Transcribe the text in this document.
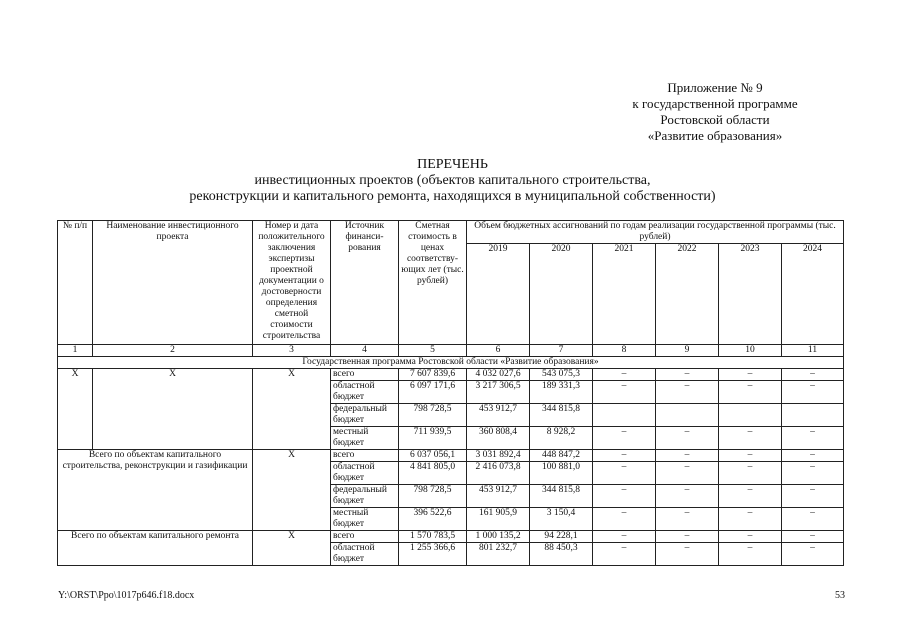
Приложение № 9
к государственной программе
Ростовской области
«Развитие образования»
ПЕРЕЧЕНЬ
инвестиционных проектов (объектов капитального строительства,
реконструкции и капитального ремонта, находящихся в муниципальной собственности)
№ п/п	Наименование инвестиционного проекта	Номер и дата положительного заключения экспертизы проектной документации о достоверности определения сметной стоимости строительства	Источник финанси-рования	Сметная стоимость в ценах соответству-ющих лет (тыс. рублей)	Объем бюджетных ассигнований по годам реализации государственной программы (тыс. рублей)					
					2019	2020	2021	2022	2023	2024
1	2	3	4	5	6	7	8	9	10	11
Государственная программа Ростовской области «Развитие образования»										
X	X	X	всего	7 607 839,6	4 032 027,6	543 075,3	–	–	–	–
			областной бюджет	6 097 171,6	3 217 306,5	189 331,3	–	–	–	–
			федеральный бюджет	798 728,5	453 912,7	344 815,8				
			местный бюджет	711 939,5	360 808,4	8 928,2	–	–	–	–
Всего по объектам капитального строительства, реконструкции и газификации		X	всего	6 037 056,1	3 031 892,4	448 847,2	–	–	–	–
			областной бюджет	4 841 805,0	2 416 073,8	100 881,0	–	–	–	–
			федеральный бюджет	798 728,5	453 912,7	344 815,8	–	–	–	–
			местный бюджет	396 522,6	161 905,9	3 150,4	–	–	–	–
Всего по объектам капитального ремонта		X	всего	1 570 783,5	1 000 135,2	94 228,1	–	–	–	–
			областной бюджет	1 255 366,6	801 232,7	88 450,3	–	–	–	–
Y:\ORST\Ppo\1017p646.f18.docx	53
